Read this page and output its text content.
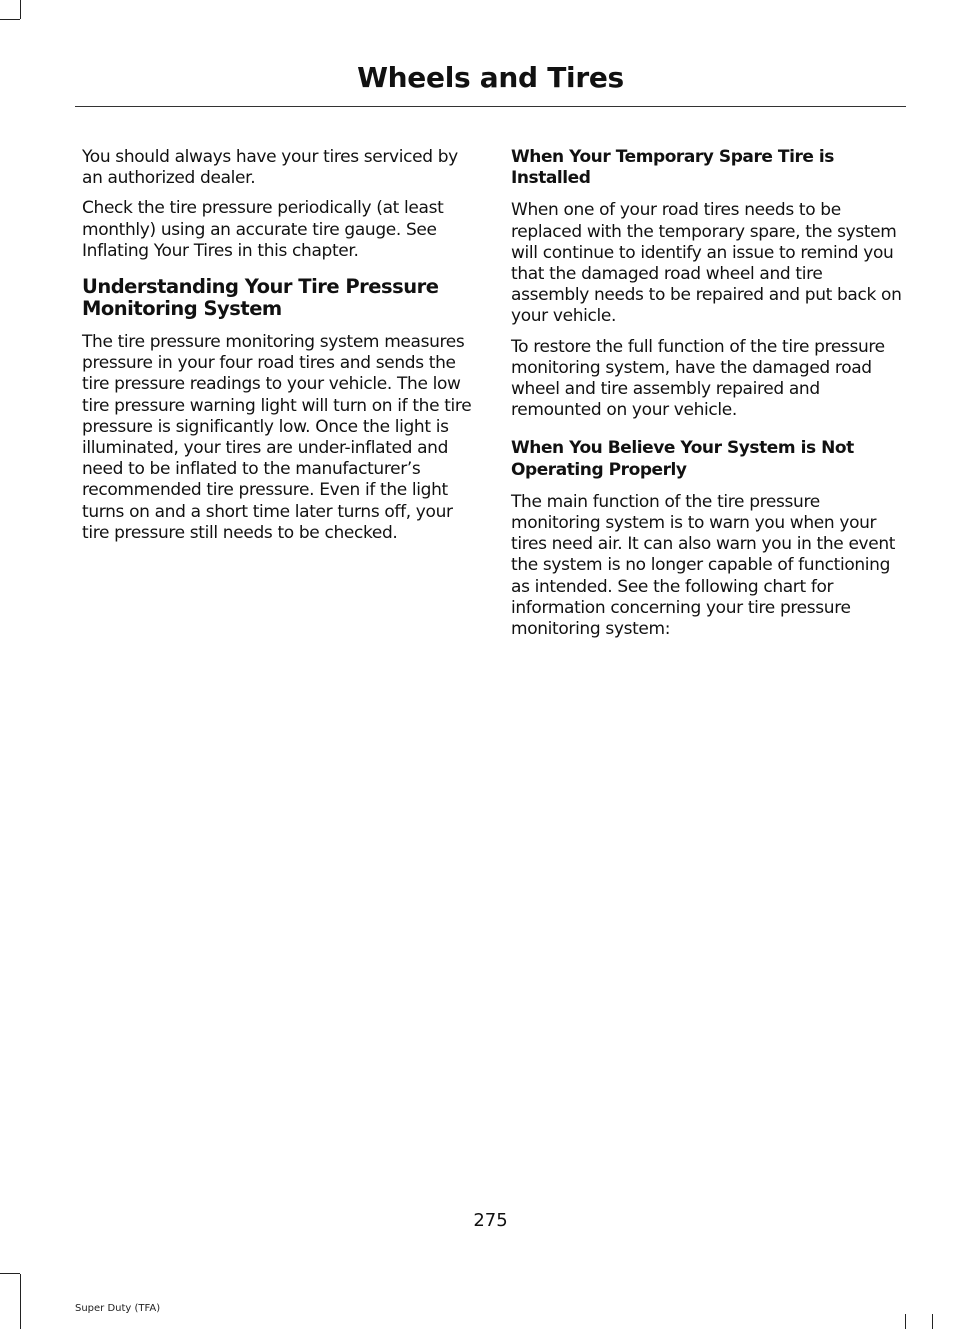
Wheels and Tires

You should always have your tires serviced by an authorized dealer.

Check the tire pressure periodically (at least monthly) using an accurate tire gauge. See Inflating Your Tires in this chapter.

Understanding Your Tire Pressure Monitoring System

The tire pressure monitoring system measures pressure in your four road tires and sends the tire pressure readings to your vehicle. The low tire pressure warning light will turn on if the tire pressure is significantly low. Once the light is illuminated, your tires are under-inflated and need to be inflated to the manufacturer’s recommended tire pressure. Even if the light turns on and a short time later turns off, your tire pressure still needs to be checked.

When Your Temporary Spare Tire is Installed

When one of your road tires needs to be replaced with the temporary spare, the system will continue to identify an issue to remind you that the damaged road wheel and tire assembly needs to be repaired and put back on your vehicle.

To restore the full function of the tire pressure monitoring system, have the damaged road wheel and tire assembly repaired and remounted on your vehicle.

When You Believe Your System is Not Operating Properly

The main function of the tire pressure monitoring system is to warn you when your tires need air. It can also warn you in the event the system is no longer capable of functioning as intended. See the following chart for information concerning your tire pressure monitoring system:

275
Super Duty (TFA)
